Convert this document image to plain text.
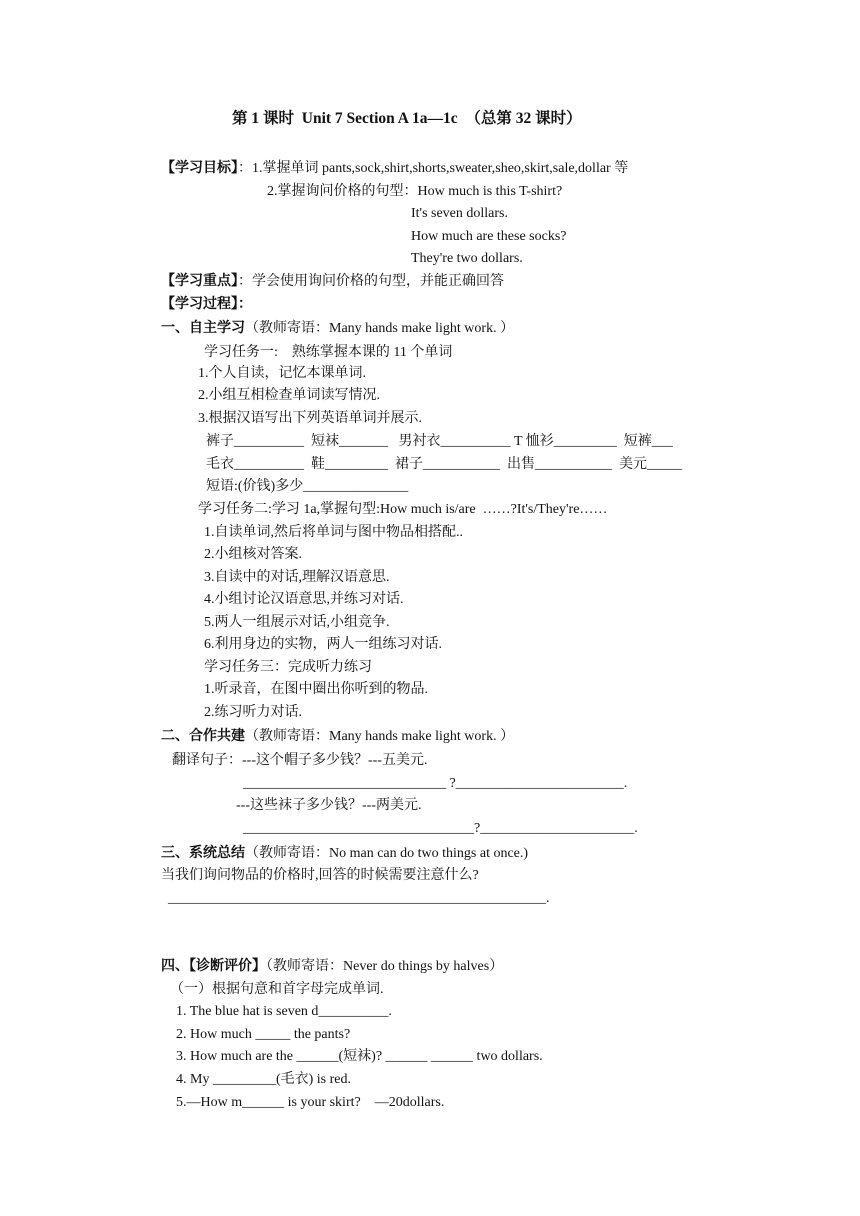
第 1 课时  Unit 7 Section A 1a—1c  （总第 32 课时）
【学习目标】：1.掌握单词 pants,sock,shirt,shorts,sweater,sheo,skirt,sale,dollar 等
2.掌握询问价格的句型：How much is this T-shirt?
It's seven dollars.
How much are these socks?
They're two dollars.
【学习重点】：学会使用询问价格的句型，并能正确回答
【学习过程】：
一、自主学习（教师寄语：Many hands make light work. ）
学习任务一:    熟练掌握本课的 11 个单词
1.个人自读，记忆本课单词.
2.小组互相检查单词读写情况.
3.根据汉语写出下列英语单词并展示.
裤子__________  短袜_______   男衬衣__________ T 恤衫_________  短裤___
毛衣__________  鞋_________  裙子___________  出售___________  美元_____
短语:(价钱)多少_______________
学习任务二:学习 1a,掌握句型:How much is/are  ……?It's/They're……
1.自读单词,然后将单词与图中物品相搭配..
2.小组核对答案.
3.自读中的对话,理解汉语意思.
4.小组讨论汉语意思,并练习对话.
5.两人一组展示对话,小组竞争.
6.利用身边的实物，两人一组练习对话.
学习任务三：完成听力练习
1.听录音，在图中圈出你听到的物品.
2.练习听力对话.
二、合作共建（教师寄语：Many hands make light work. ）
翻译句子：---这个帽子多少钱？---五美元.
_____________________________ ?________________________.
---这些袜子多少钱？---两美元.
_________________________________?______________________.
三、系统总结（教师寄语：No man can do two things at once.)
当我们询问物品的价格时,回答的时候需要注意什么?
______________________________________________________.
四、【诊断评价】（教师寄语：Never do things by halves）
（一）根据句意和首字母完成单词.
1. The blue hat is seven d__________.
2. How much _____ the pants?
3. How much are the ______(短袜)? ______ ______ two dollars.
4. My _________(毛衣) is red.
5.—How m______ is your skirt?    —20dollars.
